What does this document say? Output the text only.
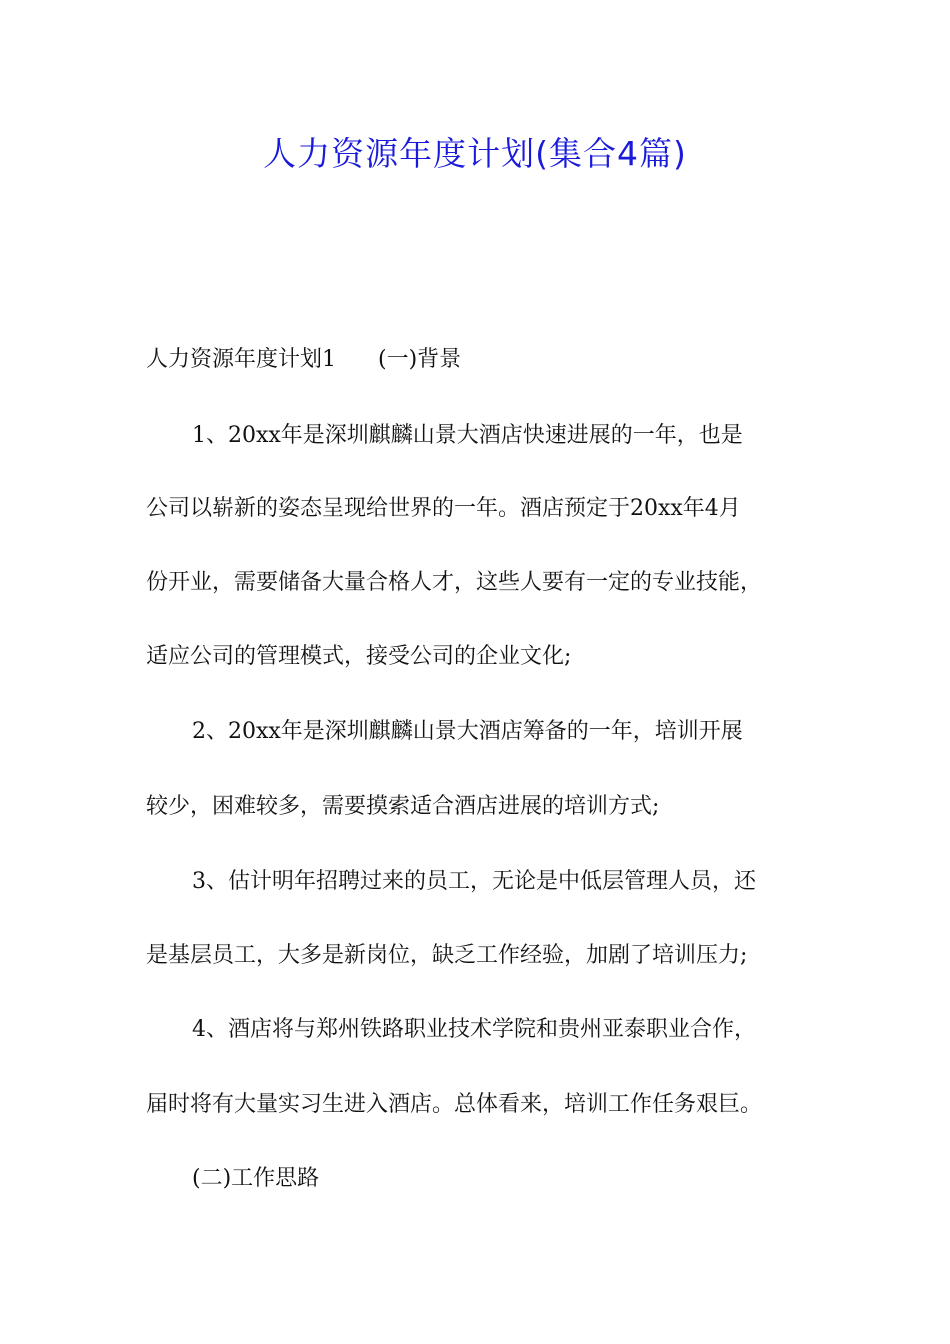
人力资源年度计划(集合4篇)
人力资源年度计划1 (一)背景
1、20xx年是深圳麒麟山景大酒店快速进展的一年，也是
公司以崭新的姿态呈现给世界的一年。酒店预定于20xx年4月
份开业，需要储备大量合格人才，这些人要有一定的专业技能，
适应公司的管理模式，接受公司的企业文化;
2、20xx年是深圳麒麟山景大酒店筹备的一年，培训开展
较少，困难较多，需要摸索适合酒店进展的培训方式;
3、估计明年招聘过来的员工，无论是中低层管理人员，还
是基层员工，大多是新岗位，缺乏工作经验，加剧了培训压力;
4、酒店将与郑州铁路职业技术学院和贵州亚泰职业合作，
届时将有大量实习生进入酒店。总体看来，培训工作任务艰巨。
(二)工作思路
